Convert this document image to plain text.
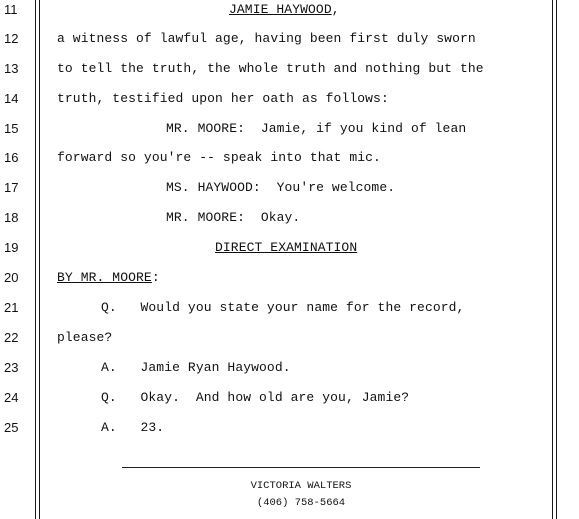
11	JAMIE HAYWOOD,
12	a witness of lawful age, having been first duly sworn
13	to tell the truth, the whole truth and nothing but the
14	truth, testified upon her oath as follows:
15	MR. MOORE:  Jamie, if you kind of lean
16	forward so you're -- speak into that mic.
17	MS. HAYWOOD:  You're welcome.
18	MR. MOORE:  Okay.
19	DIRECT EXAMINATION
20	BY MR. MOORE:
21	Q.   Would you state your name for the record,
22	please?
23	A.   Jamie Ryan Haywood.
24	Q.   Okay.  And how old are you, Jamie?
25	A.   23.
VICTORIA WALTERS
(406) 758-5664
